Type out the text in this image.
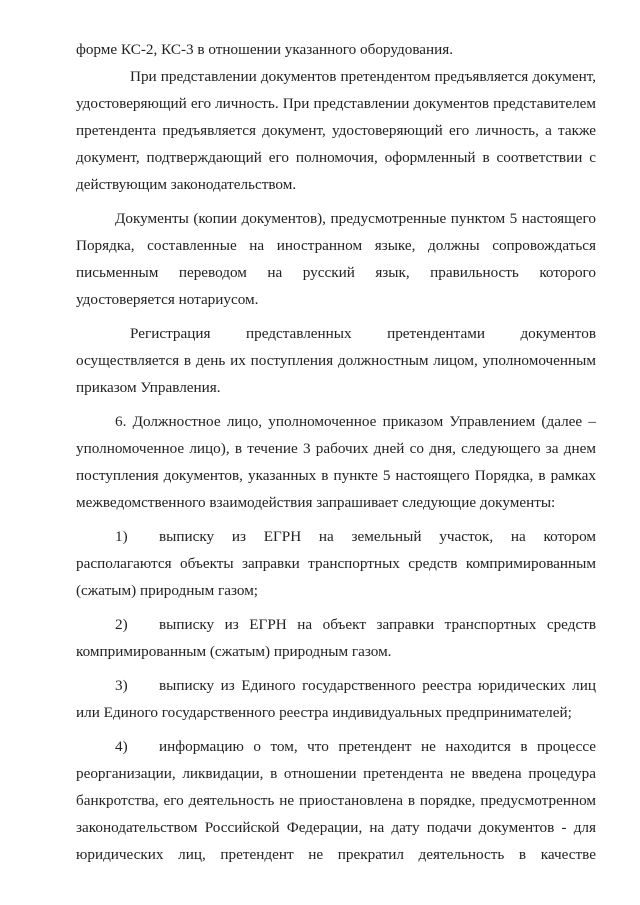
форме КС-2, КС-3 в отношении указанного оборудования.

При представлении документов претендентом предъявляется документ, удостоверяющий его личность. При представлении документов представителем претендента предъявляется документ, удостоверяющий его личность, а также документ, подтверждающий его полномочия, оформленный в соответствии с действующим законодательством.

Документы (копии документов), предусмотренные пунктом 5 настоящего Порядка, составленные на иностранном языке, должны сопровождаться письменным переводом на русский язык, правильность которого удостоверяется нотариусом.

Регистрация представленных претендентами документов осуществляется в день их поступления должностным лицом, уполномоченным приказом Управления.

6. Должностное лицо, уполномоченное приказом Управлением (далее – уполномоченное лицо), в течение 3 рабочих дней со дня, следующего за днем поступления документов, указанных в пункте 5 настоящего Порядка, в рамках межведомственного взаимодействия запрашивает следующие документы:

1) выписку из ЕГРН на земельный участок, на котором располагаются объекты заправки транспортных средств компримированным (сжатым) природным газом;

2) выписку из ЕГРН на объект заправки транспортных средств компримированным (сжатым) природным газом.

3) выписку из Единого государственного реестра юридических лиц или Единого государственного реестра индивидуальных предпринимателей;

4) информацию о том, что претендент не находится в процессе реорганизации, ликвидации, в отношении претендента не введена процедура банкротства, его деятельность не приостановлена в порядке, предусмотренном законодательством Российской Федерации, на дату подачи документов - для юридических лиц, претендент не прекратил деятельность в качестве
